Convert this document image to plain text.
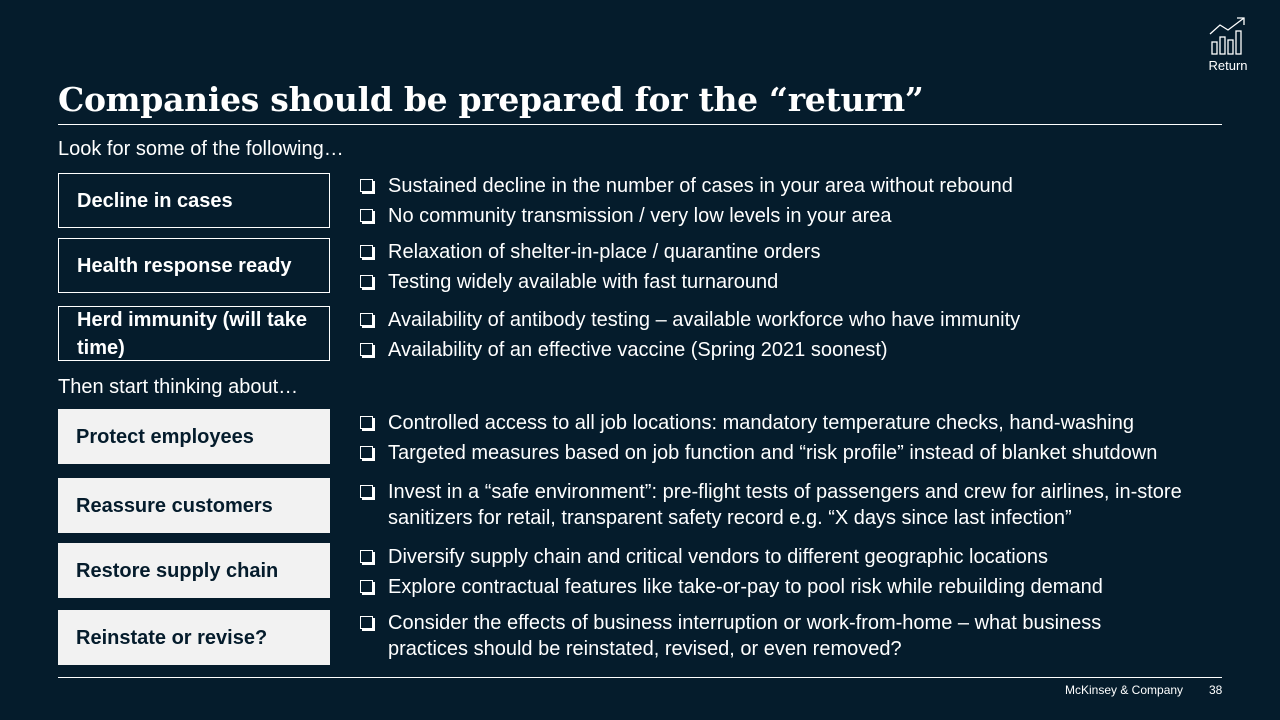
Return
Companies should be prepared for the “return”
Look for some of the following…
Decline in cases
Sustained decline in the number of cases in your area without rebound
No community transmission / very low levels in your area
Health response ready
Relaxation of shelter-in-place / quarantine orders
Testing widely available with fast turnaround
Herd immunity (will take time)
Availability of antibody testing – available workforce who have immunity
Availability of an effective vaccine (Spring 2021 soonest)
Then start thinking about…
Protect employees
Controlled access to all job locations: mandatory temperature checks, hand-washing
Targeted measures based on job function and “risk profile” instead of blanket shutdown
Reassure customers
Invest in a “safe environment”: pre-flight tests of passengers and crew for airlines, in-store sanitizers for retail, transparent safety record e.g. “X days since last infection”
Restore supply chain
Diversify supply chain and critical vendors to different geographic locations
Explore contractual features like take-or-pay to pool risk while rebuilding demand
Reinstate or revise?
Consider the effects of business interruption or work-from-home – what business practices should be reinstated, revised, or even removed?
McKinsey & Company 38
